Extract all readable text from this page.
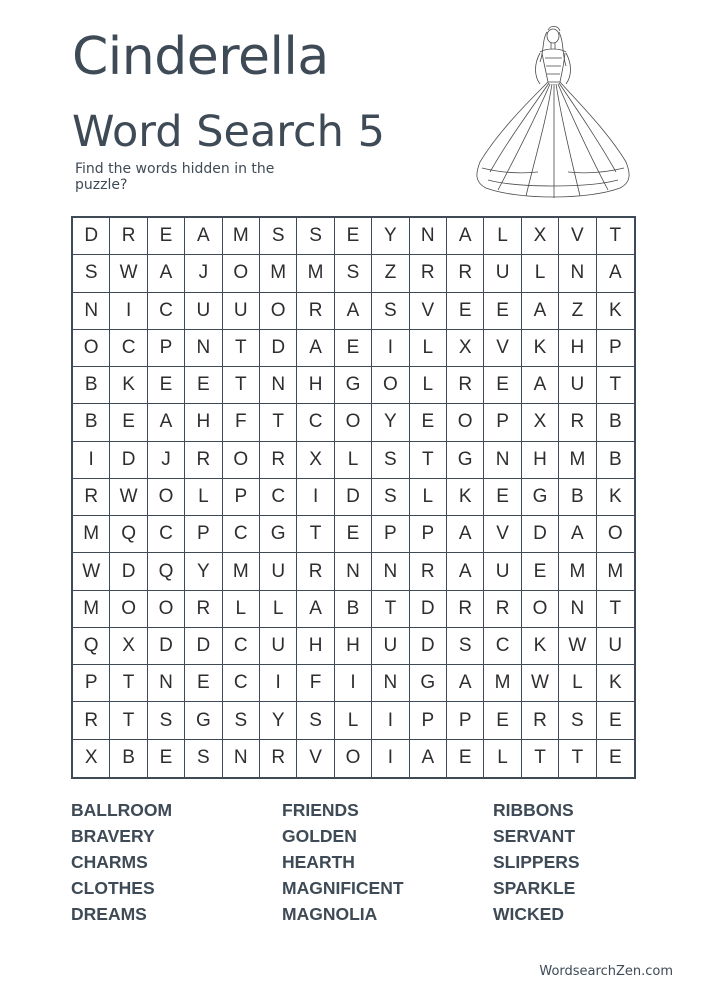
Cinderella
Word Search 5
Find the words hidden in the puzzle?
D	R	E	A	M	S	S	E	Y	N	A	L	X	V	T
S	W	A	J	O	M	M	S	Z	R	R	U	L	N	A
N	I	C	U	U	O	R	A	S	V	E	E	A	Z	K
O	C	P	N	T	D	A	E	I	L	X	V	K	H	P
B	K	E	E	T	N	H	G	O	L	R	E	A	U	T
B	E	A	H	F	T	C	O	Y	E	O	P	X	R	B
I	D	J	R	O	R	X	L	S	T	G	N	H	M	B
R	W	O	L	P	C	I	D	S	L	K	E	G	B	K
M	Q	C	P	C	G	T	E	P	P	A	V	D	A	O
W	D	Q	Y	M	U	R	N	N	R	A	U	E	M	M
M	O	O	R	L	L	A	B	T	D	R	R	O	N	T
Q	X	D	D	C	U	H	H	U	D	S	C	K	W	U
P	T	N	E	C	I	F	I	N	G	A	M	W	L	K
R	T	S	G	S	Y	S	L	I	P	P	E	R	S	E
X	B	E	S	N	R	V	O	I	A	E	L	T	T	E
BALLROOM	FRIENDS	RIBBONS
BRAVERY	GOLDEN	SERVANT
CHARMS	HEARTH	SLIPPERS
CLOTHES	MAGNIFICENT	SPARKLE
DREAMS	MAGNOLIA	WICKED
WordsearchZen.com
